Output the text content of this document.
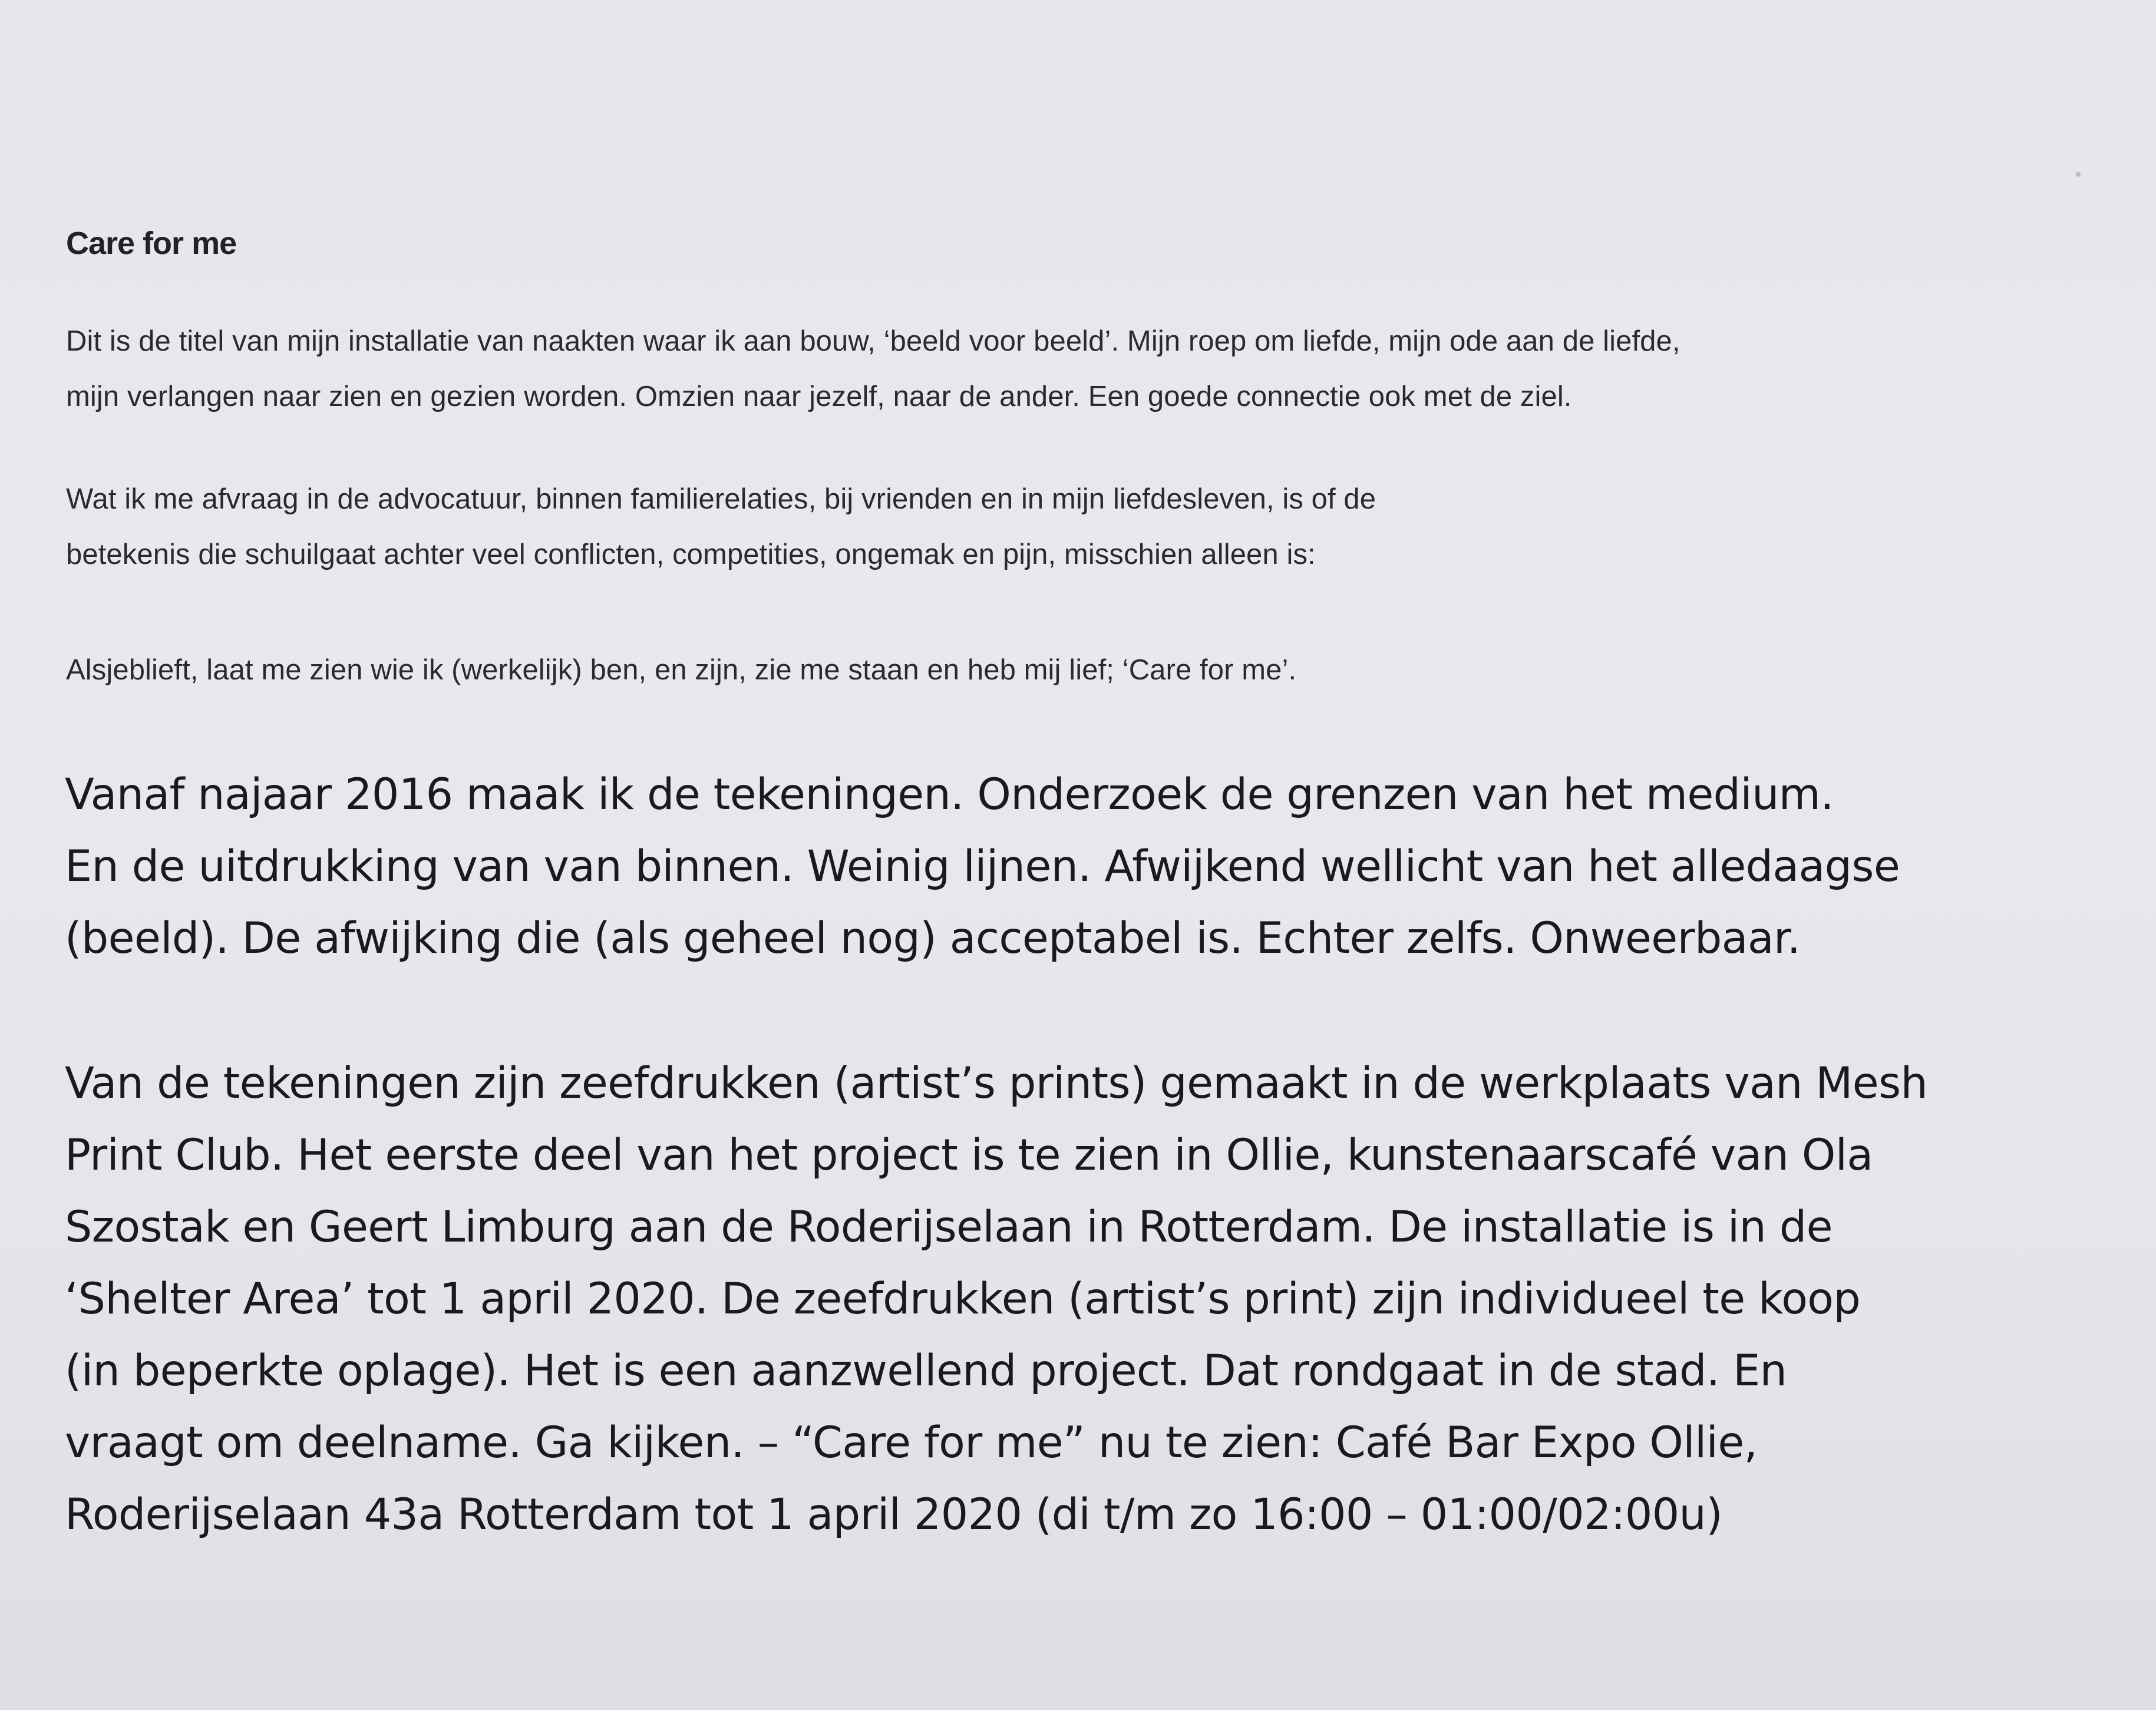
Care for me
Dit is de titel van mijn installatie van naakten waar ik aan bouw, ‘beeld voor beeld’. Mijn roep om liefde, mijn ode aan de liefde,
mijn verlangen naar zien en gezien worden. Omzien naar jezelf, naar de ander. Een goede connectie ook met de ziel.
Wat ik me afvraag in de advocatuur, binnen familierelaties, bij vrienden en in mijn liefdesleven, is of de
betekenis die schuilgaat achter veel conflicten, competities, ongemak en pijn, misschien alleen is:
Alsjeblieft, laat me zien wie ik (werkelijk) ben, en zijn, zie me staan en heb mij lief; ‘Care for me’.
Vanaf najaar 2016 maak ik de tekeningen. Onderzoek de grenzen van het medium.
En de uitdrukking van van binnen. Weinig lijnen. Afwijkend wellicht van het alledaagse
(beeld). De afwijking die (als geheel nog) acceptabel is. Echter zelfs. Onweerbaar.
Van de tekeningen zijn zeefdrukken (artist’s prints) gemaakt in de werkplaats van Mesh
Print Club. Het eerste deel van het project is te zien in Ollie, kunstenaarscafé van Ola
Szostak en Geert Limburg aan de Roderijselaan in Rotterdam. De installatie is in de
‘Shelter Area’ tot 1 april 2020. De zeefdrukken (artist’s print) zijn individueel te koop
(in beperkte oplage). Het is een aanzwellend project. Dat rondgaat in de stad. En
vraagt om deelname. Ga kijken. – “Care for me” nu te zien: Café Bar Expo Ollie,
Roderijselaan 43a Rotterdam tot 1 april 2020 (di t/m zo 16:00 – 01:00/02:00u)
